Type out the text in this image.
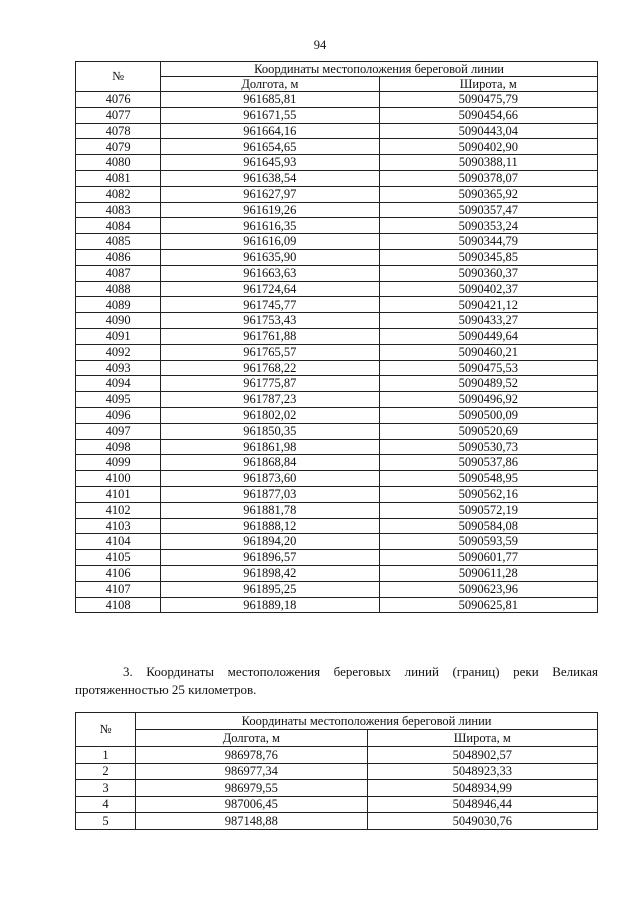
94
№	Координаты местоположения береговой линии	
	Долгота, м	Широта, м
4076	961685,81	5090475,79
4077	961671,55	5090454,66
4078	961664,16	5090443,04
4079	961654,65	5090402,90
4080	961645,93	5090388,11
4081	961638,54	5090378,07
4082	961627,97	5090365,92
4083	961619,26	5090357,47
4084	961616,35	5090353,24
4085	961616,09	5090344,79
4086	961635,90	5090345,85
4087	961663,63	5090360,37
4088	961724,64	5090402,37
4089	961745,77	5090421,12
4090	961753,43	5090433,27
4091	961761,88	5090449,64
4092	961765,57	5090460,21
4093	961768,22	5090475,53
4094	961775,87	5090489,52
4095	961787,23	5090496,92
4096	961802,02	5090500,09
4097	961850,35	5090520,69
4098	961861,98	5090530,73
4099	961868,84	5090537,86
4100	961873,60	5090548,95
4101	961877,03	5090562,16
4102	961881,78	5090572,19
4103	961888,12	5090584,08
4104	961894,20	5090593,59
4105	961896,57	5090601,77
4106	961898,42	5090611,28
4107	961895,25	5090623,96
4108	961889,18	5090625,81
3. Координаты местоположения береговых линий (границ) реки Великая
протяженностью 25 километров.
№	Координаты местоположения береговой линии	
	Долгота, м	Широта, м
1	986978,76	5048902,57
2	986977,34	5048923,33
3	986979,55	5048934,99
4	987006,45	5048946,44
5	987148,88	5049030,76
